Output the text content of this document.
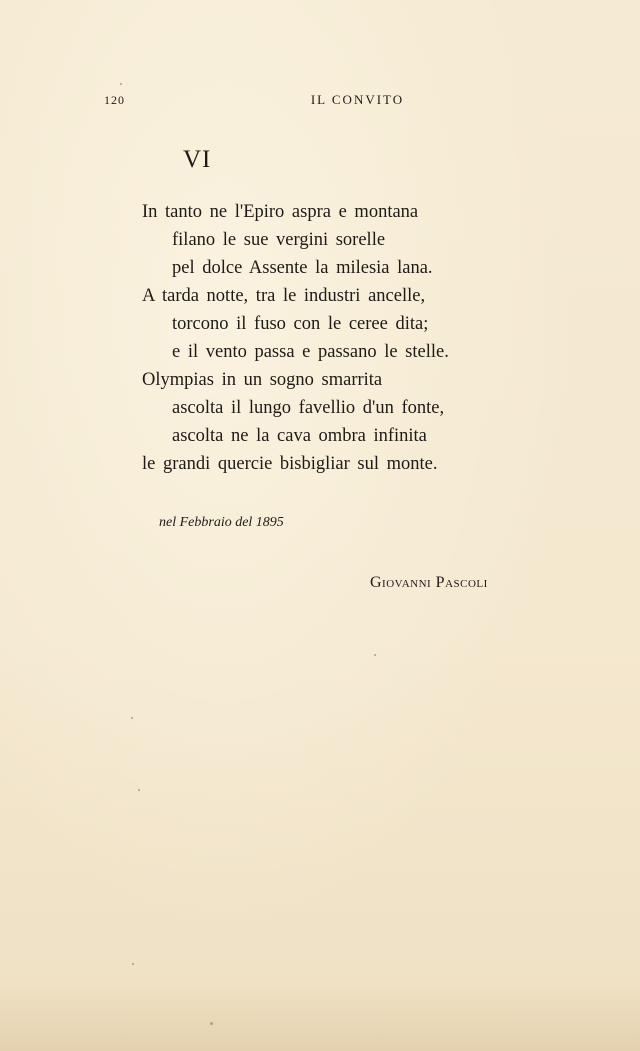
120	IL CONVITO
VI
In tanto ne l'Epiro aspra e montana
filano le sue vergini sorelle
pel dolce Assente la milesia lana.
A tarda notte, tra le industri ancelle,
torcono il fuso con le ceree dita;
e il vento passa e passano le stelle.
Olympias in un sogno smarrita
ascolta il lungo favellio d'un fonte,
ascolta ne la cava ombra infinita
le grandi quercie bisbigliar sul monte.
nel Febbraio del 1895
Giovanni Pascoli
